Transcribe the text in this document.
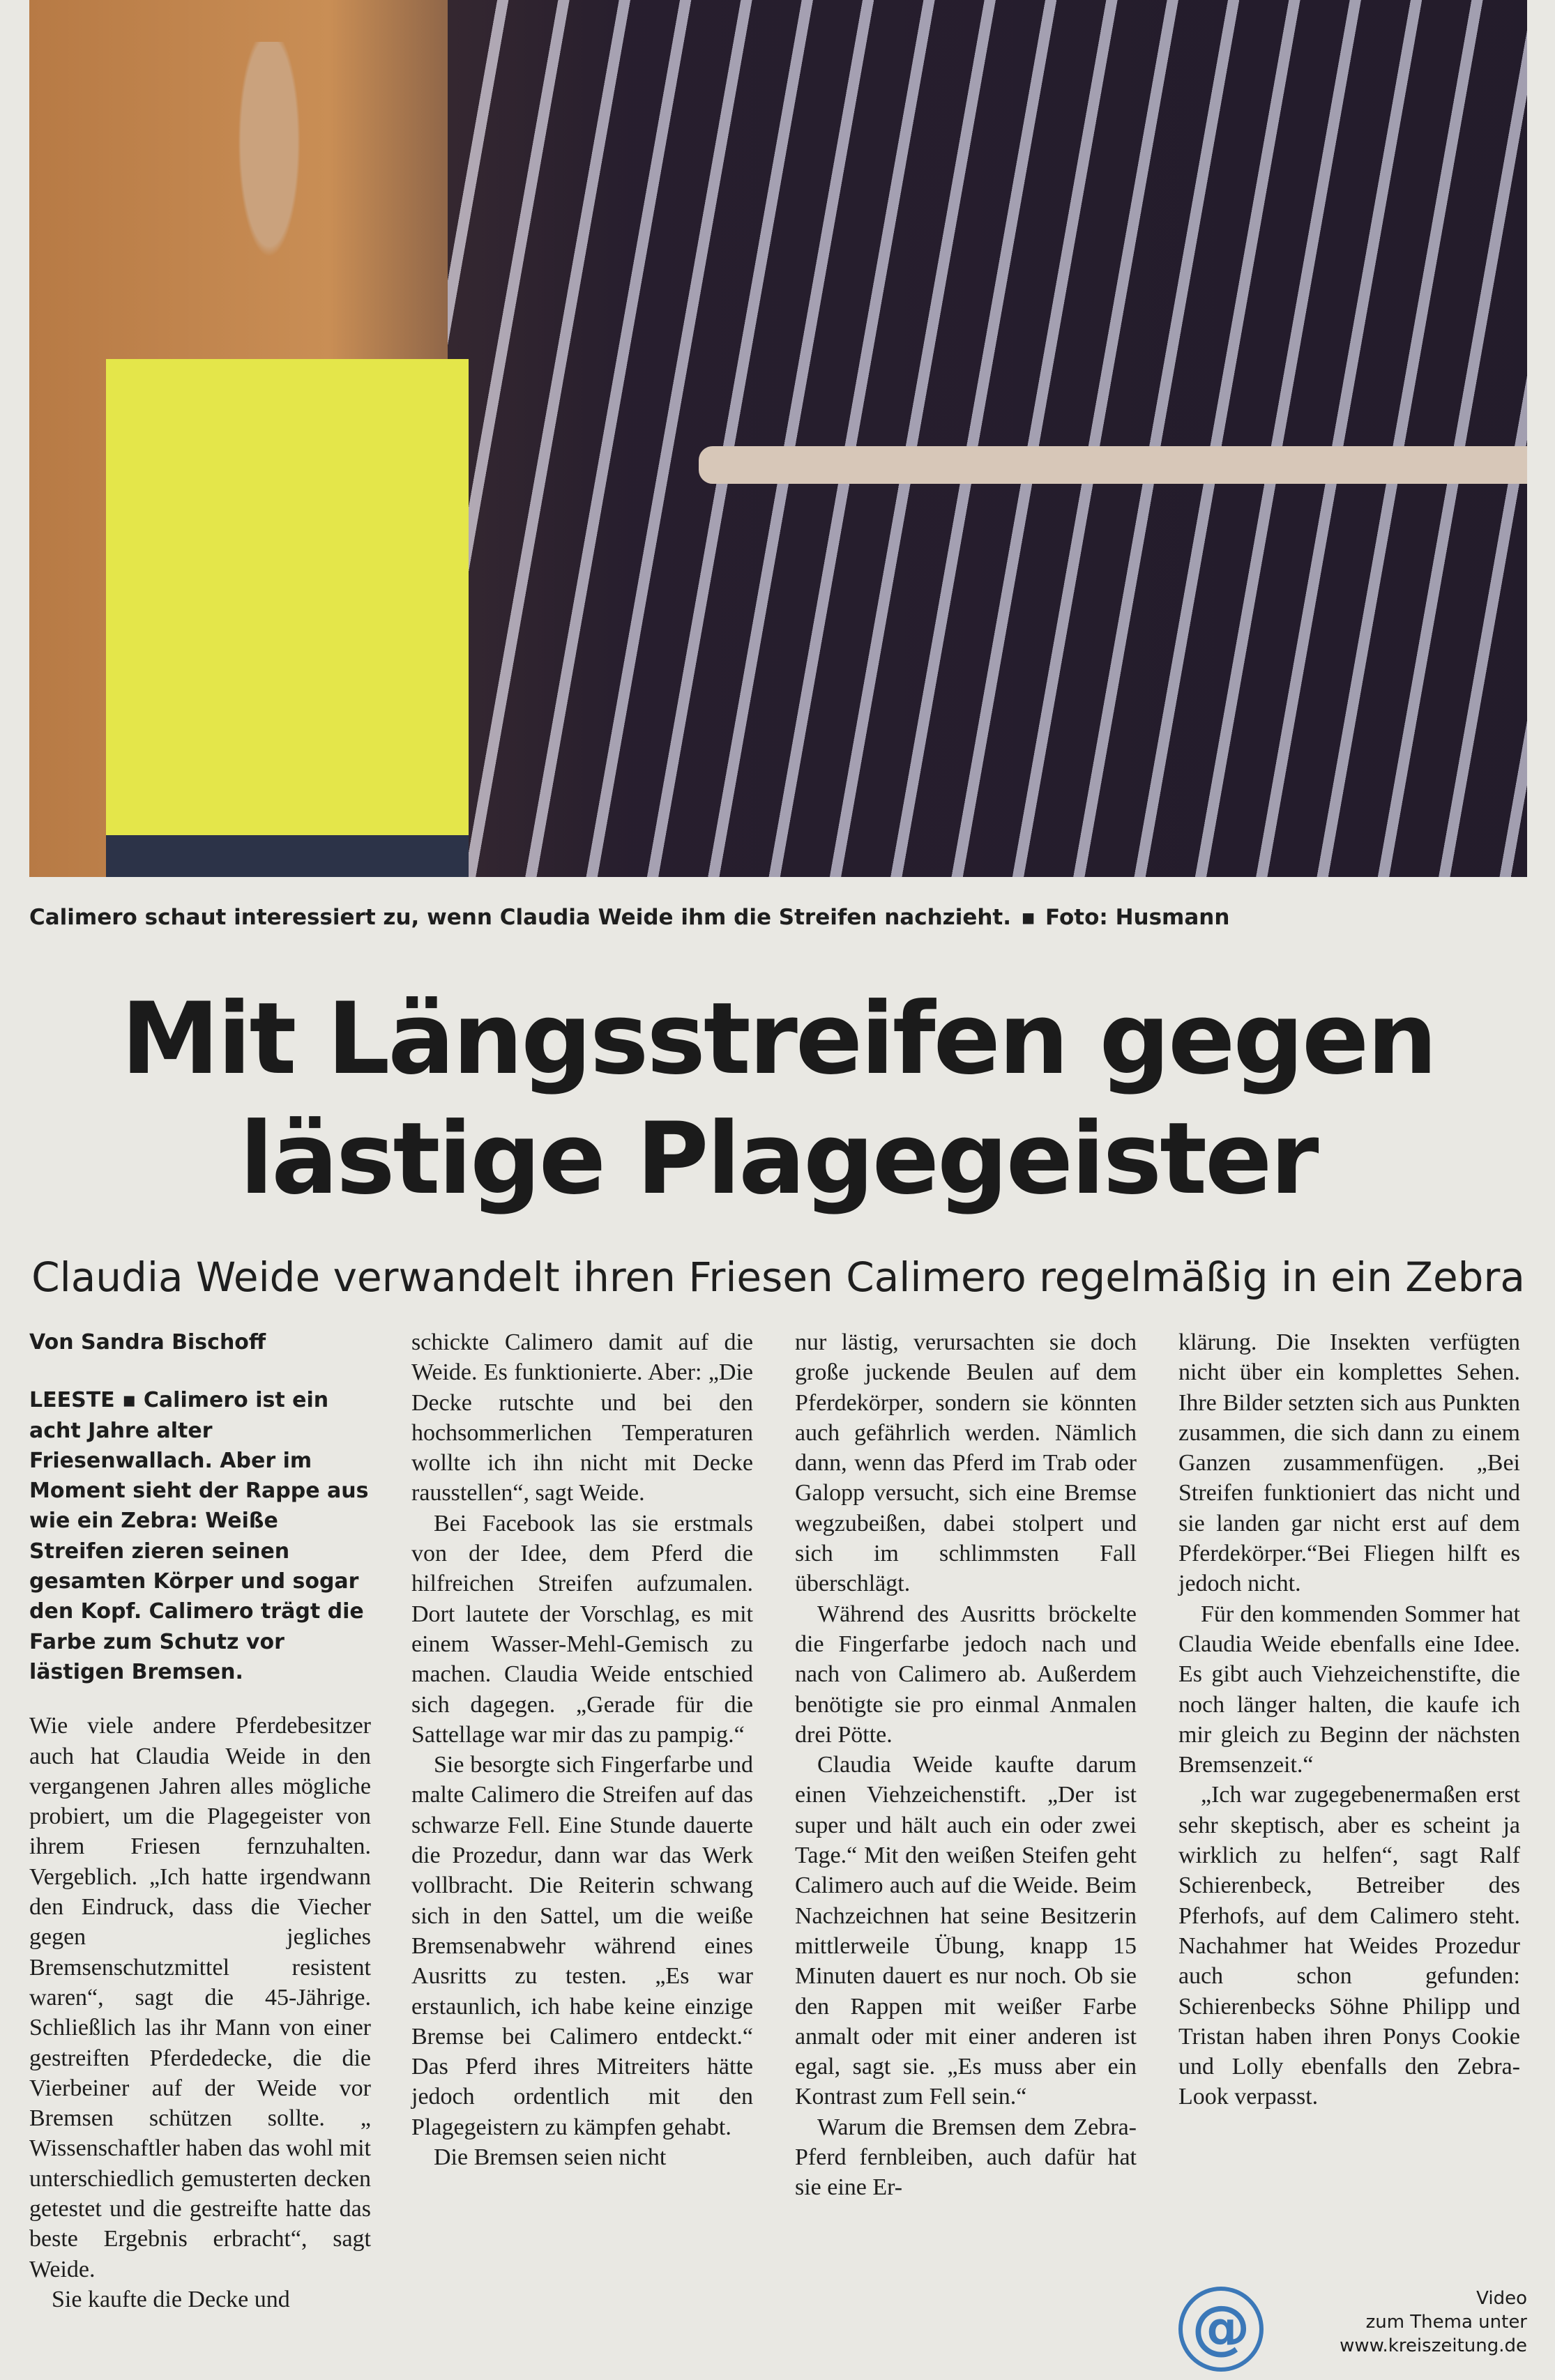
Calimero schaut interessiert zu, wenn Claudia Weide ihm die Streifen nachzieht. ▪ Foto: Husmann
Mit Längsstreifen gegen
lästige Plagegeister
Claudia Weide verwandelt ihren Friesen Calimero regelmäßig in ein Zebra
Von Sandra Bischoff
LEESTE ▪ Calimero ist ein acht Jahre alter Friesenwallach. Aber im Moment sieht der Rappe aus wie ein Zebra: Weiße Streifen zieren seinen gesamten Körper und sogar den Kopf. Calimero trägt die Farbe zum Schutz vor lästigen Bremsen.

Wie viele andere Pferdebesitzer auch hat Claudia Weide in den vergangenen Jahren alles mögliche probiert, um die Plagegeister von ihrem Friesen fernzuhalten. Vergeblich. „Ich hatte irgendwann den Eindruck, dass die Viecher gegen jegliches Bremsenschutzmittel resistent waren“, sagt die 45-Jährige. Schließlich las ihr Mann von einer gestreiften Pferdedecke, die die Vierbeiner auf der Weide vor Bremsen schützen sollte. „ Wissenschaftler haben das wohl mit unterschiedlich gemusterten decken getestet und die gestreifte hatte das beste Ergebnis erbracht“, sagt Weide.

Sie kaufte die Decke und

schickte Calimero damit auf die Weide. Es funktionierte. Aber: „Die Decke rutschte und bei den hochsommerlichen Temperaturen wollte ich ihn nicht mit Decke rausstellen“, sagt Weide.

Bei Facebook las sie erstmals von der Idee, dem Pferd die hilfreichen Streifen aufzumalen. Dort lautete der Vorschlag, es mit einem Wasser-Mehl-Gemisch zu machen. Claudia Weide entschied sich dagegen. „Gerade für die Sattellage war mir das zu pampig.“

Sie besorgte sich Fingerfarbe und malte Calimero die Streifen auf das schwarze Fell. Eine Stunde dauerte die Prozedur, dann war das Werk vollbracht. Die Reiterin schwang sich in den Sattel, um die weiße Bremsenabwehr während eines Ausritts zu testen. „Es war erstaunlich, ich habe keine einzige Bremse bei Calimero entdeckt.“ Das Pferd ihres Mitreiters hätte jedoch ordentlich mit den Plagegeistern zu kämpfen gehabt.

Die Bremsen seien nicht

nur lästig, verursachten sie doch große juckende Beulen auf dem Pferdekörper, sondern sie könnten auch gefährlich werden. Nämlich dann, wenn das Pferd im Trab oder Galopp versucht, sich eine Bremse wegzubeißen, dabei stolpert und sich im schlimmsten Fall überschlägt.

Während des Ausritts bröckelte die Fingerfarbe jedoch nach und nach von Calimero ab. Außerdem benötigte sie pro einmal Anmalen drei Pötte.

Claudia Weide kaufte darum einen Viehzeichenstift. „Der ist super und hält auch ein oder zwei Tage.“ Mit den weißen Steifen geht Calimero auch auf die Weide. Beim Nachzeichnen hat seine Besitzerin mittlerweile Übung, knapp 15 Minuten dauert es nur noch. Ob sie den Rappen mit weißer Farbe anmalt oder mit einer anderen ist egal, sagt sie. „Es muss aber ein Kontrast zum Fell sein.“

Warum die Bremsen dem Zebra-Pferd fernbleiben, auch dafür hat sie eine Er-

klärung. Die Insekten verfügten nicht über ein komplettes Sehen. Ihre Bilder setzten sich aus Punkten zusammen, die sich dann zu einem Ganzen zusammenfügen. „Bei Streifen funktioniert das nicht und sie landen gar nicht erst auf dem Pferdekörper.“Bei Fliegen hilft es jedoch nicht.

Für den kommenden Sommer hat Claudia Weide ebenfalls eine Idee. Es gibt auch Viehzeichenstifte, die noch länger halten, die kaufe ich mir gleich zu Beginn der nächsten Bremsenzeit.“

„Ich war zugegebenermaßen erst sehr skeptisch, aber es scheint ja wirklich zu helfen“, sagt Ralf Schierenbeck, Betreiber des Pferhofs, auf dem Calimero steht. Nachahmer hat Weides Prozedur auch schon gefunden: Schierenbecks Söhne Philipp und Tristan haben ihren Ponys Cookie und Lolly ebenfalls den Zebra-Look verpasst.

@	Video
zum Thema unter
www.kreiszeitung.de
